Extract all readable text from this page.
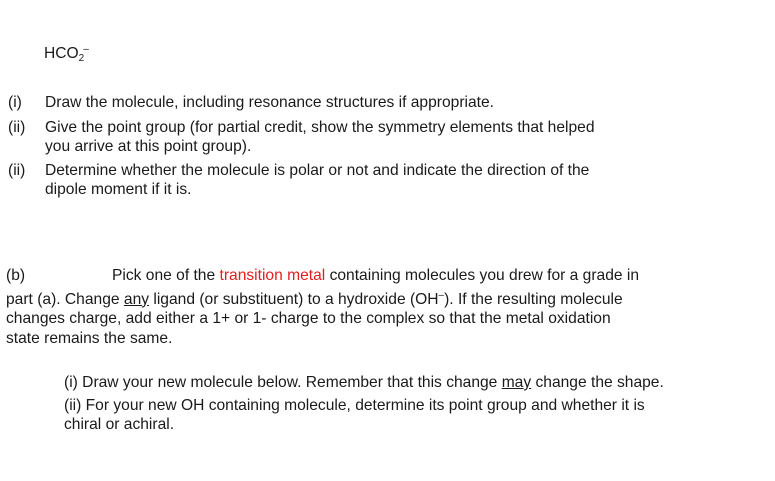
$HCO_2^-$
(i) Draw the molecule, including resonance structures if appropriate.
(ii) Give the point group (for partial credit, show the symmetry elements that helped
you arrive at this point group).
(ii) Determine whether the molecule is polar or not and indicate the direction of the
dipole moment if it is.
(b)	Pick one of the transition metal containing molecules you drew for a grade in
part (a). Change any ligand (or substituent) to a hydroxide (OH–). If the resulting molecule
changes charge, add either a 1+ or 1- charge to the complex so that the metal oxidation
state remains the same.
(i) Draw your new molecule below. Remember that this change may change the shape.
(ii) For your new OH containing molecule, determine its point group and whether it is
chiral or achiral.
